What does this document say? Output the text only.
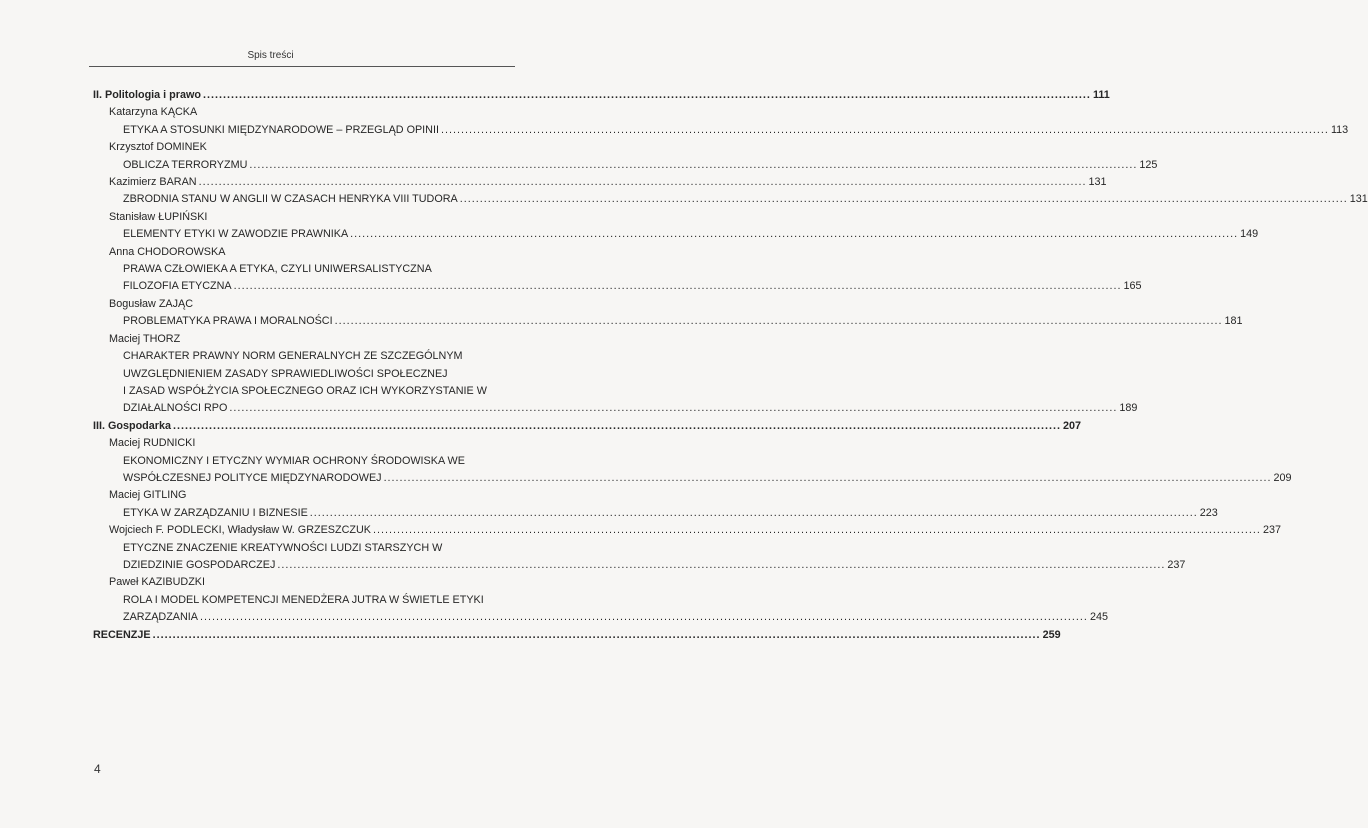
Spis treści
II. Politologia i prawo .............................................................................................................................................................................................................................. 111
Katarzyna KĄCKA
ETYKA A STOSUNKI MIĘDZYNARODOWE – PRZEGLĄD OPINII .............................................................................................................................................................................................................................. 113
Krzysztof DOMINEK
OBLICZA TERRORYZMU .............................................................................................................................................................................................................................. 125
Kazimierz BARAN .............................................................................................................................................................................................................................. 131
ZBRODNIA STANU W ANGLII W CZASACH HENRYKA VIII TUDORA .............................................................................................................................................................................................................................. 131
Stanisław ŁUPIŃSKI
ELEMENTY ETYKI W ZAWODZIE PRAWNIKA .............................................................................................................................................................................................................................. 149
Anna CHODOROWSKA
PRAWA CZŁOWIEKA A ETYKA, CZYLI UNIWERSALISTYCZNA
FILOZOFIA ETYCZNA .............................................................................................................................................................................................................................. 165
Bogusław ZAJĄC
PROBLEMATYKA PRAWA I MORALNOŚCI .............................................................................................................................................................................................................................. 181
Maciej THORZ
CHARAKTER PRAWNY NORM GENERALNYCH ZE SZCZEGÓLNYM
UWZGLĘDNIENIEM ZASADY SPRAWIEDLIWOŚCI SPOŁECZNEJ
I ZASAD WSPÓŁŻYCIA SPOŁECZNEGO ORAZ ICH WYKORZYSTANIE W
DZIAŁALNOŚCI RPO .............................................................................................................................................................................................................................. 189
III. Gospodarka .............................................................................................................................................................................................................................. 207
Maciej RUDNICKI
EKONOMICZNY I ETYCZNY WYMIAR OCHRONY ŚRODOWISKA WE
WSPÓŁCZESNEJ POLITYCE MIĘDZYNARODOWEJ .............................................................................................................................................................................................................................. 209
Maciej GITLING
ETYKA W ZARZĄDZANIU I BIZNESIE .............................................................................................................................................................................................................................. 223
Wojciech F. PODLECKI, Władysław W. GRZESZCZUK .............................................................................................................................................................................................................................. 237
ETYCZNE ZNACZENIE KREATYWNOŚCI LUDZI STARSZYCH W
DZIEDZINIE GOSPODARCZEJ .............................................................................................................................................................................................................................. 237
Paweł KAZIBUDZKI
ROLA I MODEL KOMPETENCJI MENEDŻERA JUTRA W ŚWIETLE ETYKI
ZARZĄDZANIA .............................................................................................................................................................................................................................. 245
RECENZJE .............................................................................................................................................................................................................................. 259
4
